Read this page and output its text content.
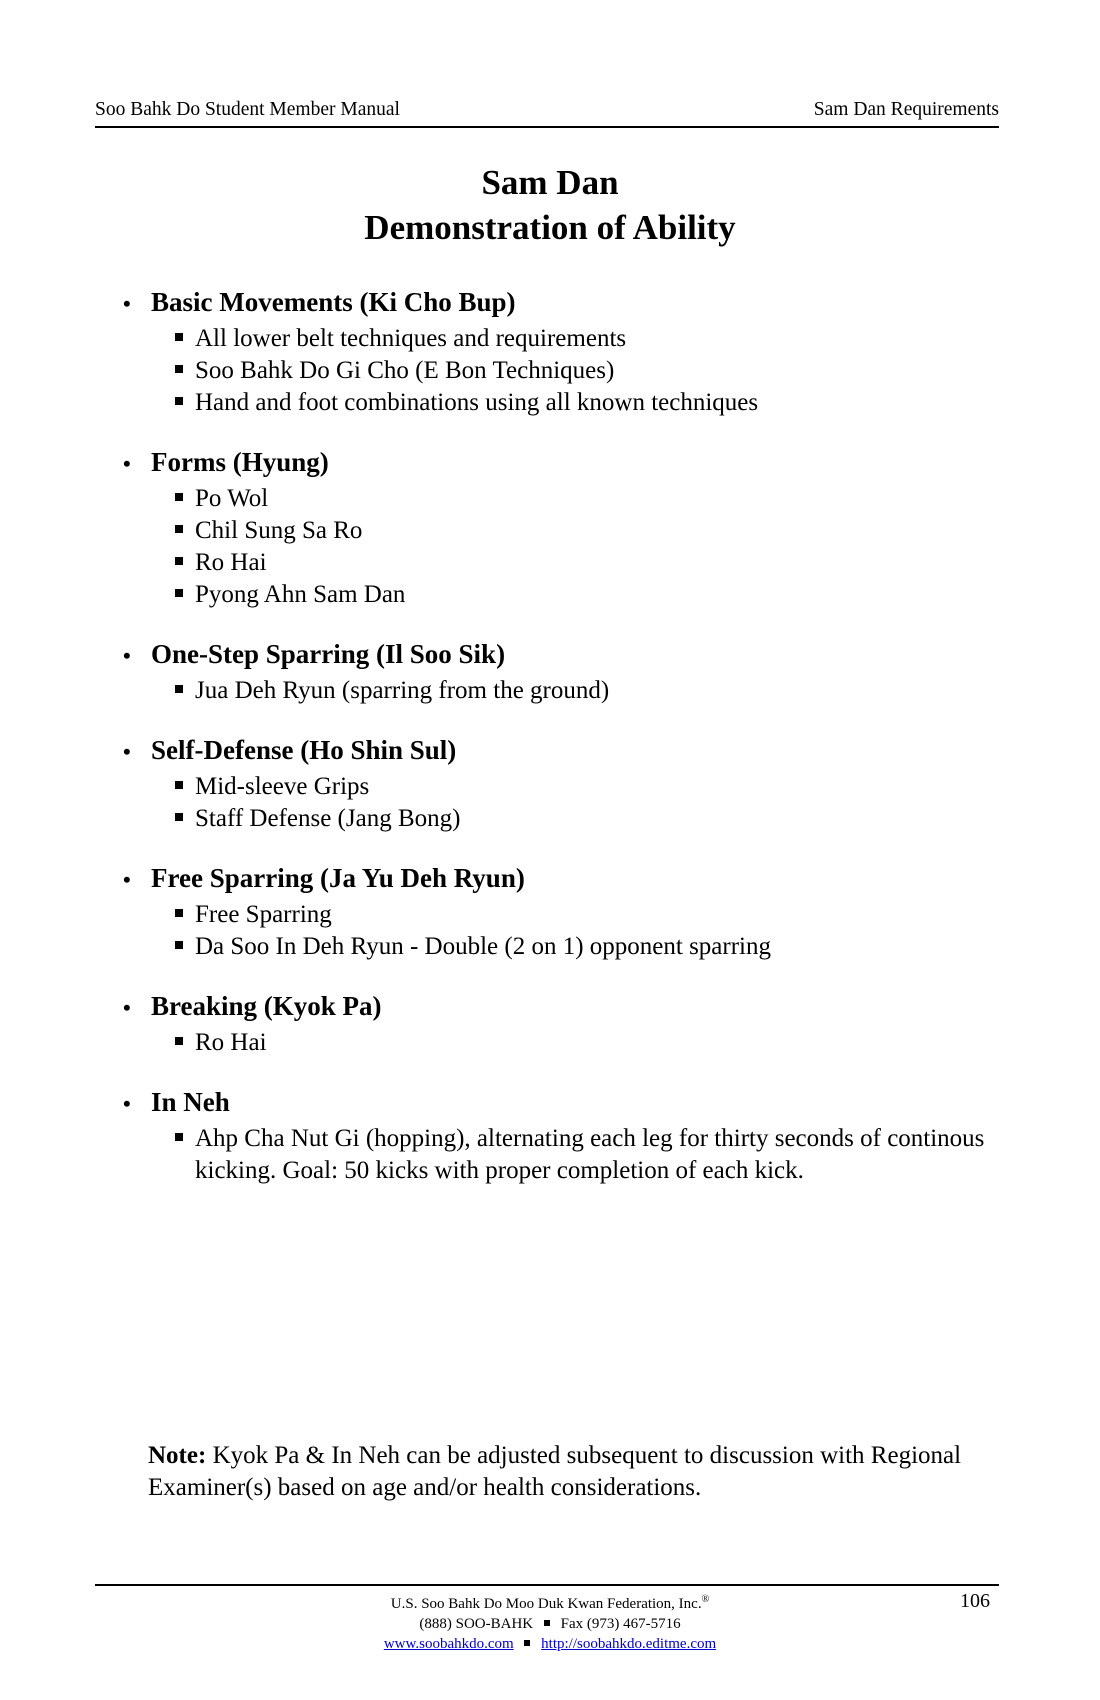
Soo Bahk Do Student Member Manual	Sam Dan Requirements
Sam Dan
Demonstration of Ability
• Basic Movements (Ki Cho Bup)
All lower belt techniques and requirements
Soo Bahk Do Gi Cho (E Bon Techniques)
Hand and foot combinations using all known techniques
• Forms (Hyung)
Po Wol
Chil Sung Sa Ro
Ro Hai
Pyong Ahn Sam Dan
• One-Step Sparring (Il Soo Sik)
Jua Deh Ryun (sparring from the ground)
• Self-Defense (Ho Shin Sul)
Mid-sleeve Grips
Staff Defense (Jang Bong)
• Free Sparring (Ja Yu Deh Ryun)
Free Sparring
Da Soo In Deh Ryun - Double (2 on 1) opponent sparring
• Breaking (Kyok Pa)
Ro Hai
• In Neh
Ahp Cha Nut Gi (hopping), alternating each leg for thirty seconds of continous kicking. Goal: 50 kicks with proper completion of each kick.
Note: Kyok Pa & In Neh can be adjusted subsequent to discussion with Regional Examiner(s) based on age and/or health considerations.
U.S. Soo Bahk Do Moo Duk Kwan Federation, Inc.®
(888) SOO-BAHK Fax (973) 467-5716
www.soobahkdo.com http://soobahkdo.editme.com
106
